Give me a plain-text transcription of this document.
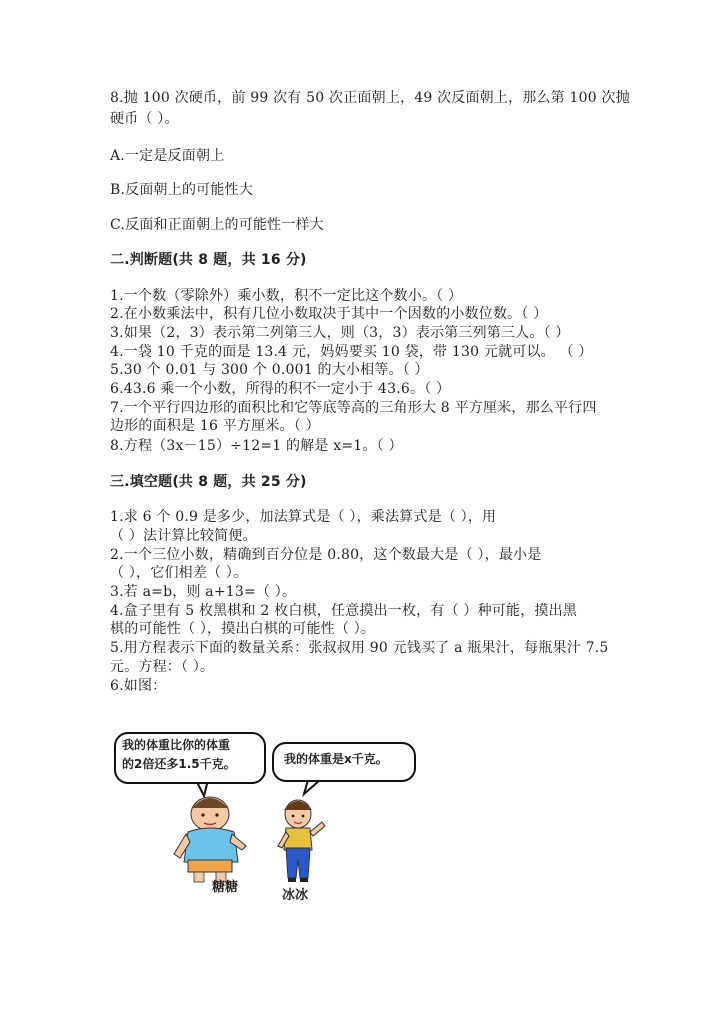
8.抛 100 次硬币，前 99 次有 50 次正面朝上，49 次反面朝上，那么第 100 次抛
硬币（ ）。
A.一定是反面朝上
B.反面朝上的可能性大
C.反面和正面朝上的可能性一样大
二.判断题(共 8 题，共 16 分)
1.一个数（零除外）乘小数，积不一定比这个数小。（ ）
2.在小数乘法中，积有几位小数取决于其中一个因数的小数位数。（ ）
3.如果（2，3）表示第二列第三人，则（3，3）表示第三列第三人。（ ）
4.一袋 10 千克的面是 13.4 元，妈妈要买 10 袋，带 130 元就可以。 （ ）
5.30 个 0.01 与 300 个 0.001 的大小相等。（ ）
6.43.6 乘一个小数，所得的积不一定小于 43.6。（ ）
7.一个平行四边形的面积比和它等底等高的三角形大 8 平方厘米，那么平行四
边形的面积是 16 平方厘米。（ ）
8.方程（3x－15）÷12=1 的解是 x=1。（ ）
三.填空题(共 8 题，共 25 分)
1.求 6 个 0.9 是多少，加法算式是（ ），乘法算式是（ ），用
（ ）法计算比较简便。
2.一个三位小数，精确到百分位是 0.80，这个数最大是（ ），最小是
（ ），它们相差（ ）。
3.若 a=b，则 a+13=（ ）。
4.盒子里有 5 枚黑棋和 2 枚白棋，任意摸出一枚，有（ ）种可能，摸出黑
棋的可能性（ ），摸出白棋的可能性（ ）。
5.用方程表示下面的数量关系：张叔叔用 90 元钱买了 a 瓶果汁，每瓶果汁 7.5
元。方程：（ ）。
6.如图：
我的体重比你的体重
的2倍还多1.5千克。	我的体重是x千克。
糖糖
冰冰
